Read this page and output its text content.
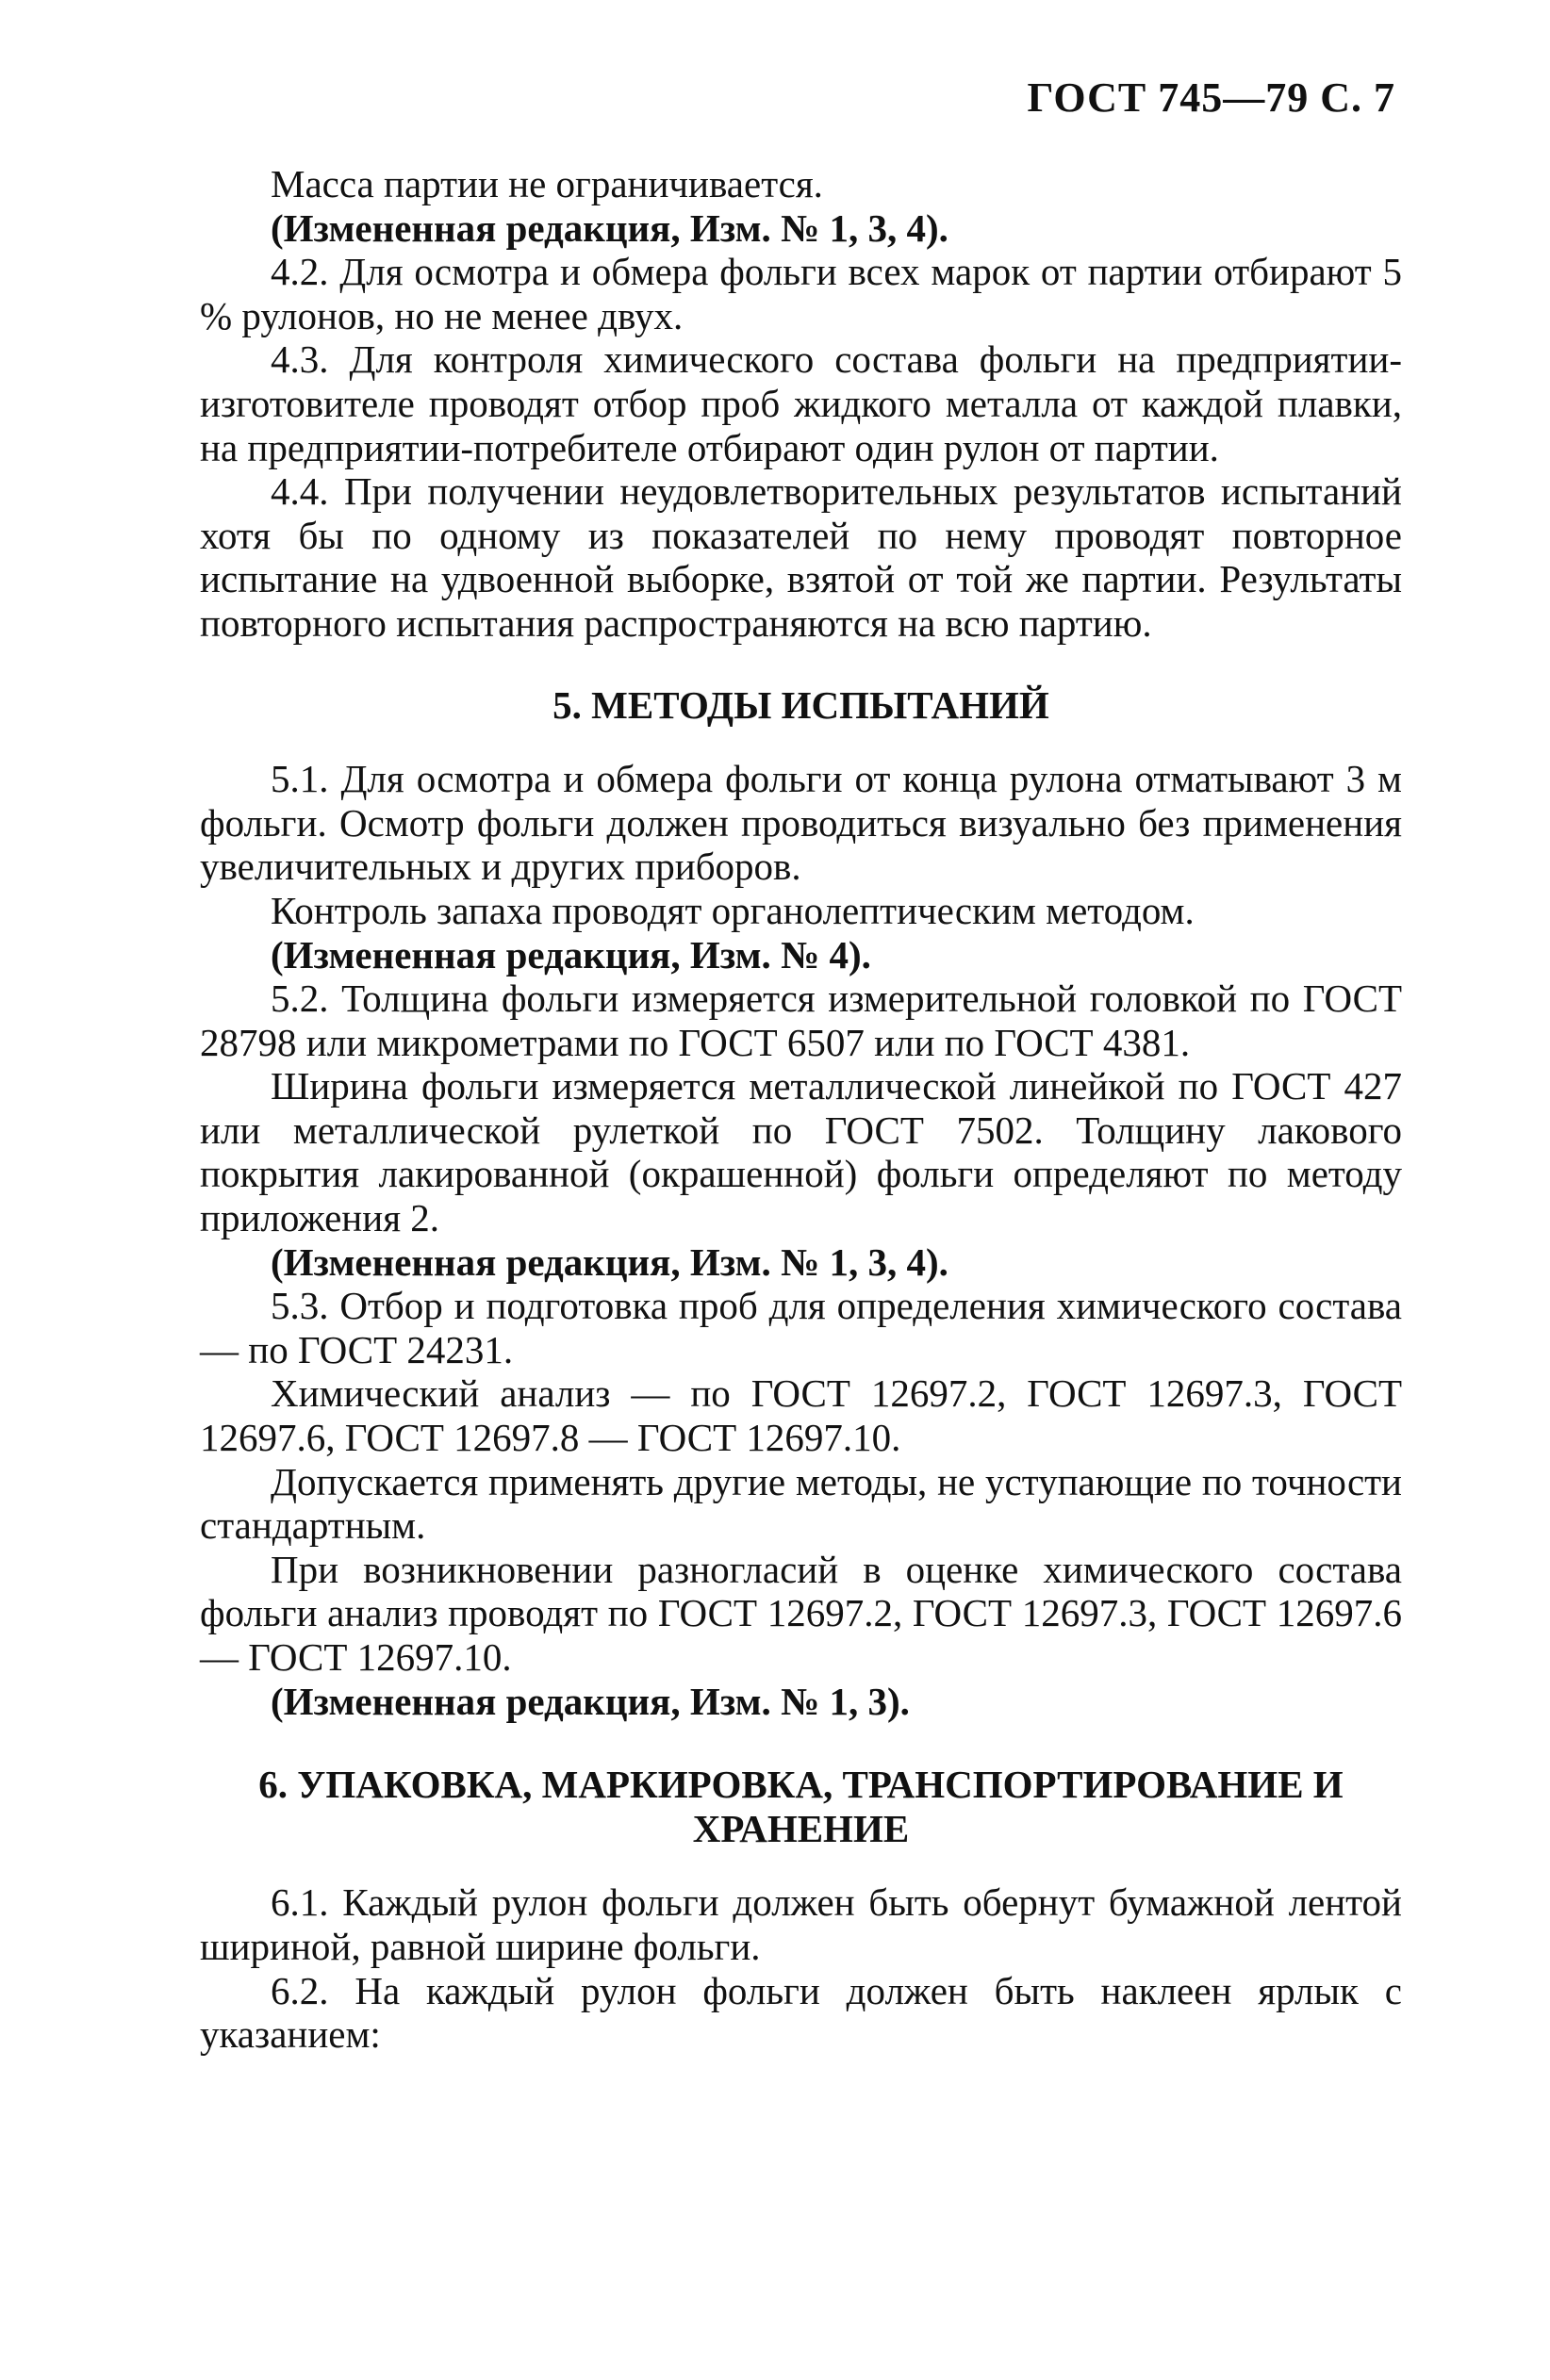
ГОСТ 745—79 С. 7

Масса партии не ограничивается.

(Измененная редакция, Изм. № 1, 3, 4).

4.2. Для осмотра и обмера фольги всех марок от партии отбирают 5 % рулонов, но не менее двух.

4.3. Для контроля химического состава фольги на предприятии-изготовителе проводят отбор проб жидкого металла от каждой плавки, на предприятии-потребителе отбирают один рулон от партии.

4.4. При получении неудовлетворительных результатов испытаний хотя бы по одному из показателей по нему проводят повторное испытание на удвоенной выборке, взятой от той же партии. Результаты повторного испытания распространяются на всю партию.

5. МЕТОДЫ ИСПЫТАНИЙ

5.1. Для осмотра и обмера фольги от конца рулона отматывают 3 м фольги. Осмотр фольги должен проводиться визуально без применения увеличительных и других приборов.

Контроль запаха проводят органолептическим методом.

(Измененная редакция, Изм. № 4).

5.2. Толщина фольги измеряется измерительной головкой по ГОСТ 28798 или микрометрами по ГОСТ 6507 или по ГОСТ 4381.

Ширина фольги измеряется металлической линейкой по ГОСТ 427 или металлической рулеткой по ГОСТ 7502. Толщину лакового покрытия лакированной (окрашенной) фольги определяют по методу приложения 2.

(Измененная редакция, Изм. № 1, 3, 4).

5.3. Отбор и подготовка проб для определения химического состава — по ГОСТ 24231.

Химический анализ — по ГОСТ 12697.2, ГОСТ 12697.3, ГОСТ 12697.6, ГОСТ 12697.8 — ГОСТ 12697.10.

Допускается применять другие методы, не уступающие по точности стандартным.

При возникновении разногласий в оценке химического состава фольги анализ проводят по ГОСТ 12697.2, ГОСТ 12697.3, ГОСТ 12697.6 — ГОСТ 12697.10.

(Измененная редакция, Изм. № 1, 3).

6. УПАКОВКА, МАРКИРОВКА, ТРАНСПОРТИРОВАНИЕ И ХРАНЕНИЕ

6.1. Каждый рулон фольги должен быть обернут бумажной лентой шириной, равной ширине фольги.

6.2. На каждый рулон фольги должен быть наклеен ярлык с указанием:
